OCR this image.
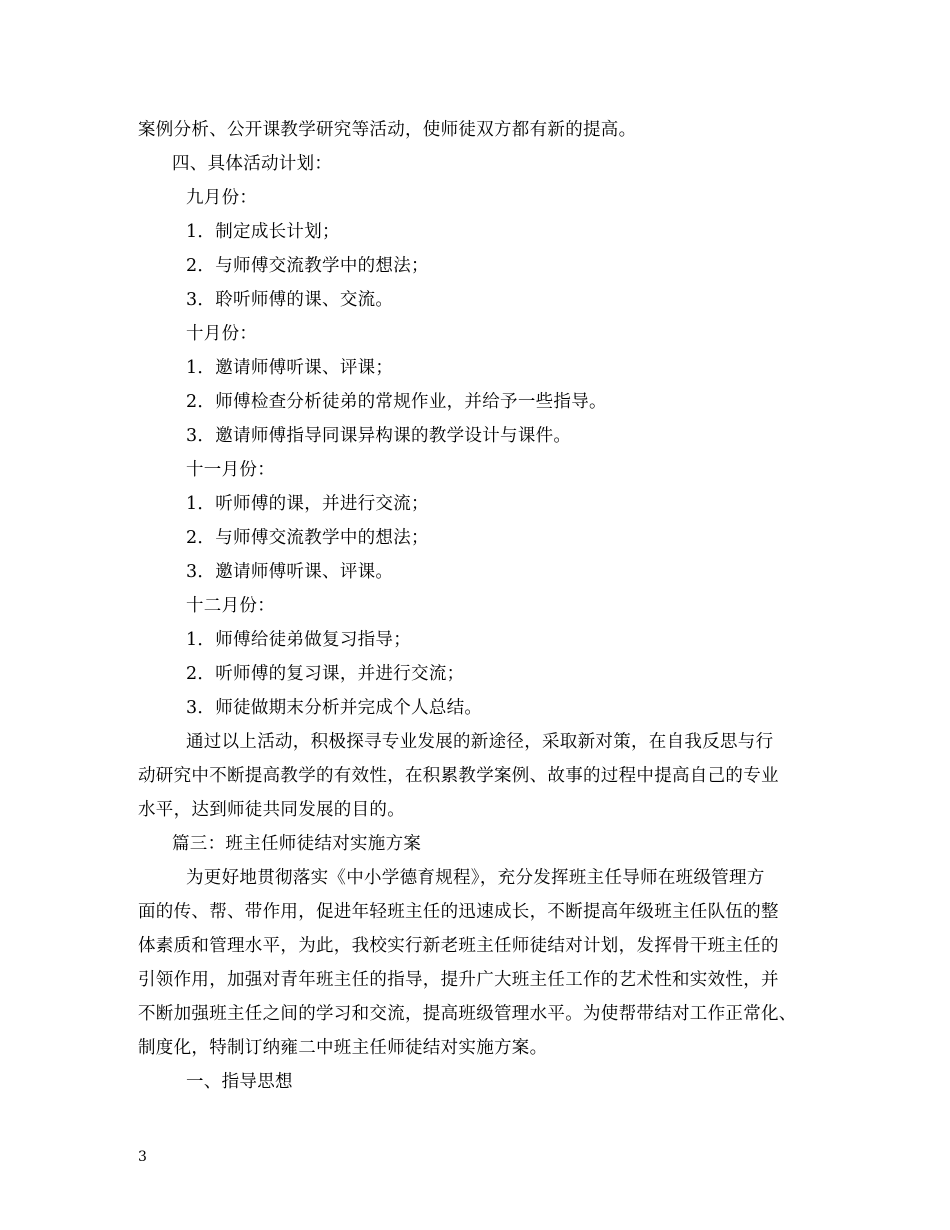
案例分析、公开课教学研究等活动，使师徒双方都有新的提高。
四、具体活动计划：
九月份：
1．制定成长计划；
2．与师傅交流教学中的想法；
3．聆听师傅的课、交流。
十月份：
1．邀请师傅听课、评课；
2．师傅检查分析徒弟的常规作业，并给予一些指导。
3．邀请师傅指导同课异构课的教学设计与课件。
十一月份：
1．听师傅的课，并进行交流；
2．与师傅交流教学中的想法；
3．邀请师傅听课、评课。
十二月份：
1．师傅给徒弟做复习指导；
2．听师傅的复习课，并进行交流；
3．师徒做期末分析并完成个人总结。
通过以上活动，积极探寻专业发展的新途径，采取新对策，在自我反思与行
动研究中不断提高教学的有效性，在积累教学案例、故事的过程中提高自己的专业
水平，达到师徒共同发展的目的。
篇三：班主任师徒结对实施方案
为更好地贯彻落实《中小学德育规程》，充分发挥班主任导师在班级管理方
面的传、帮、带作用，促进年轻班主任的迅速成长，不断提高年级班主任队伍的整
体素质和管理水平，为此，我校实行新老班主任师徒结对计划，发挥骨干班主任的
引领作用，加强对青年班主任的指导，提升广大班主任工作的艺术性和实效性，并
不断加强班主任之间的学习和交流，提高班级管理水平。为使帮带结对工作正常化、
制度化，特制订纳雍二中班主任师徒结对实施方案。
一、指导思想
3
